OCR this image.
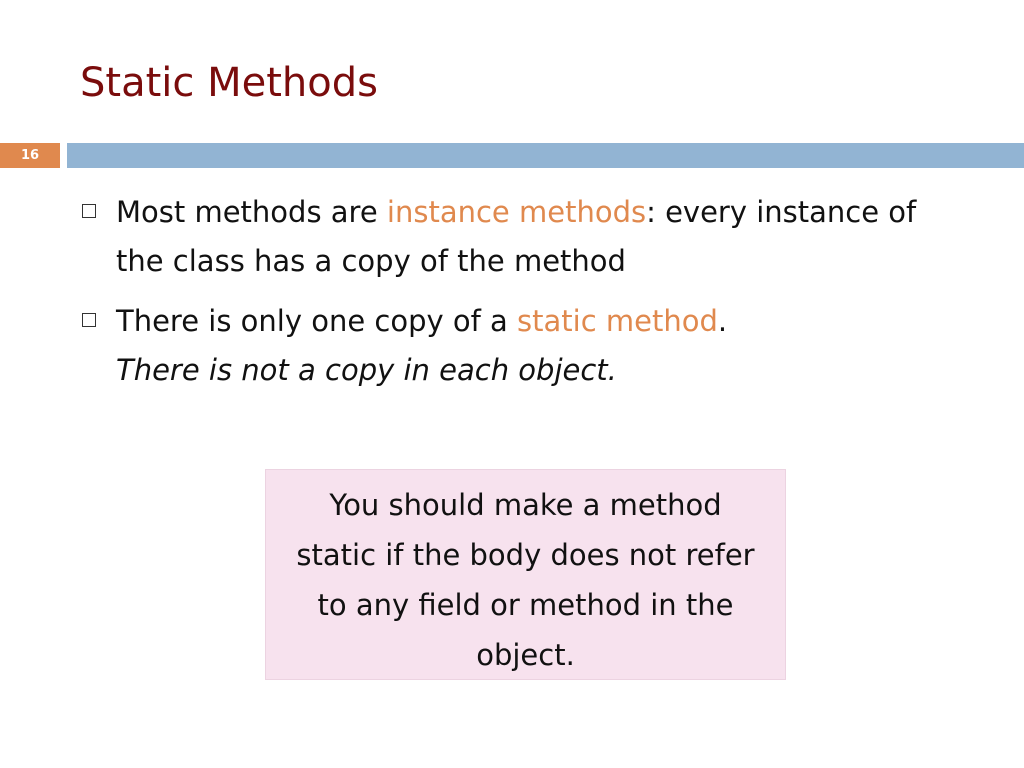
Static Methods
16
Most methods are instance methods: every instance of the class has a copy of the method
There is only one copy of a static method.
There is not a copy in each object.
You should make a method static if the body does not refer to any field or method in the object.
